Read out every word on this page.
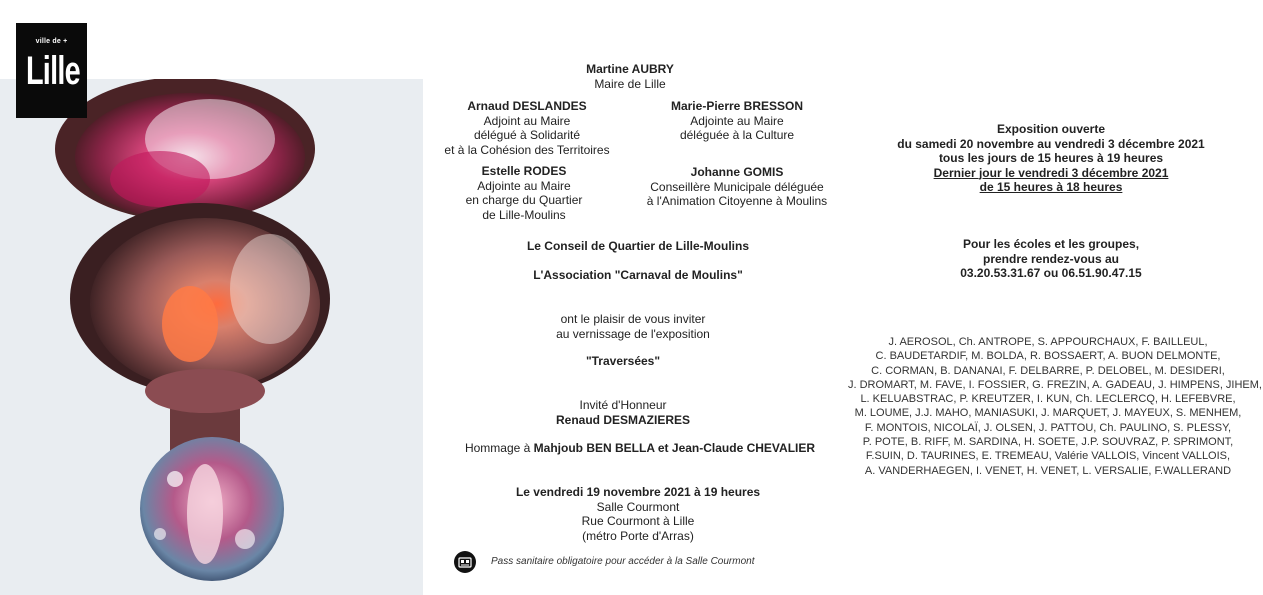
ville de +
Lille	Martine AUBRY
Maire de Lille
Arnaud DESLANDES
Adjoint au Maire
délégué à Solidarité
et à la Cohésion des Territoires
Marie-Pierre BRESSON
Adjointe au Maire
déléguée à la Culture
Estelle RODES
Adjointe au Maire
en charge du Quartier
de Lille-Moulins
Johanne GOMIS
Conseillère Municipale déléguée
à l'Animation Citoyenne à Moulins
Le Conseil de Quartier de Lille-Moulins
L'Association "Carnaval de Moulins"
ont le plaisir de vous inviter
au vernissage de l'exposition
"Traversées"
Invité d'Honneur
Renaud DESMAZIERES
Hommage à Mahjoub BEN BELLA et Jean-Claude CHEVALIER
Le vendredi 19 novembre 2021 à 19 heures
Salle Courmont
Rue Courmont à Lille
(métro Porte d'Arras)
Pass sanitaire obligatoire pour accéder à la Salle Courmont
Exposition ouverte
du samedi 20 novembre au vendredi 3 décembre 2021
tous les jours de 15 heures à 19 heures
Dernier jour le vendredi 3 décembre 2021
de 15 heures à 18 heures
Pour les écoles et les groupes,
prendre rendez-vous au
03.20.53.31.67 ou 06.51.90.47.15
J. AEROSOL, Ch. ANTROPE, S. APPOURCHAUX, F. BAILLEUL,
C. BAUDETARDIF, M. BOLDA, R. BOSSAERT, A. BUON DELMONTE,
C. CORMAN, B. DANANAI, F. DELBARRE, P. DELOBEL, M. DESIDERI,
J. DROMART, M. FAVE, I. FOSSIER, G. FREZIN, A. GADEAU, J. HIMPENS, JIHEM,
L. KELUABSTRAC, P. KREUTZER, I. KUN, Ch. LECLERCQ, H. LEFEBVRE,
M. LOUME, J.J. MAHO, MANIASUKI, J. MARQUET, J. MAYEUX, S. MENHEM,
F. MONTOIS, NICOLAÏ, J. OLSEN, J. PATTOU, Ch. PAULINO, S. PLESSY,
P. POTE, B. RIFF, M. SARDINA, H. SOETE, J.P. SOUVRAZ, P. SPRIMONT,
F.SUIN, D. TAURINES, E. TREMEAU, Valérie VALLOIS, Vincent VALLOIS,
A. VANDERHAEGEN, I. VENET, H. VENET, L. VERSALIE, F.WALLERAND
